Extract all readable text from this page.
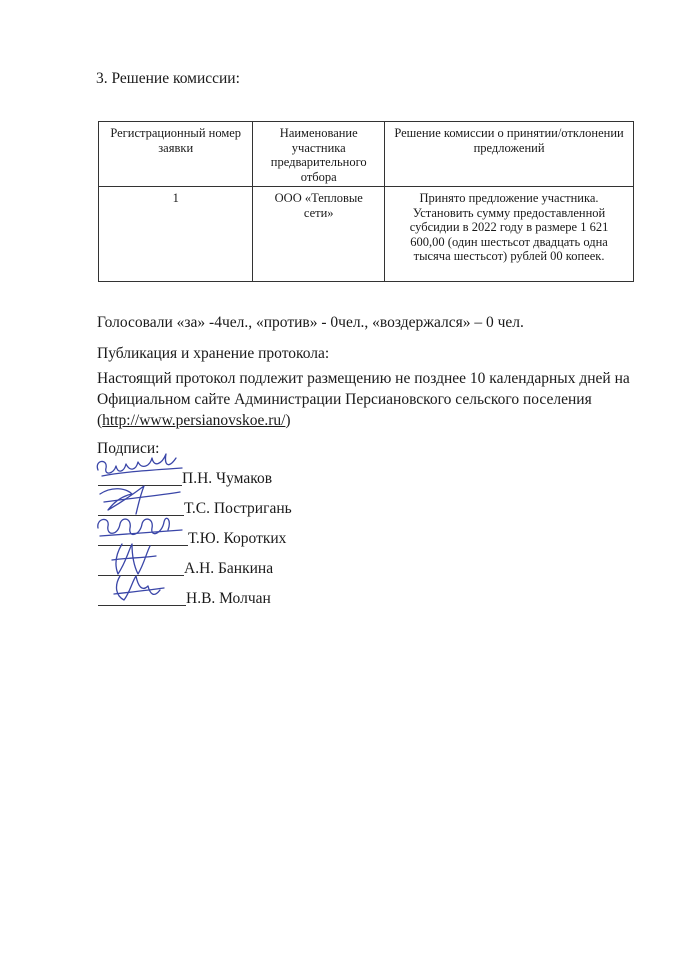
3. Решение комиссии:
Регистрационный номер заявки	Наименование участника предварительного отбора	Решение комиссии о принятии/отклонении предложений
1	ООО «Тепловые сети»	Принято предложение участника. Установить сумму предоставленной субсидии в 2022 году в размере 1 621 600,00 (один шестьсот двадцать одна тысяча шестьсот) рублей 00 копеек.
Голосовали «за» -4чел., «против» - 0чел., «воздержался» – 0 чел.
Публикация и хранение протокола:
Настоящий протокол подлежит размещению не позднее 10 календарных дней на Официальном сайте Администрации Персиановского сельского поселения (http://www.persianovskoe.ru/)
Подписи:
П.Н. Чумаков
Т.С. Постригань
Т.Ю. Коротких
А.Н. Банкина
Н.В. Молчан
